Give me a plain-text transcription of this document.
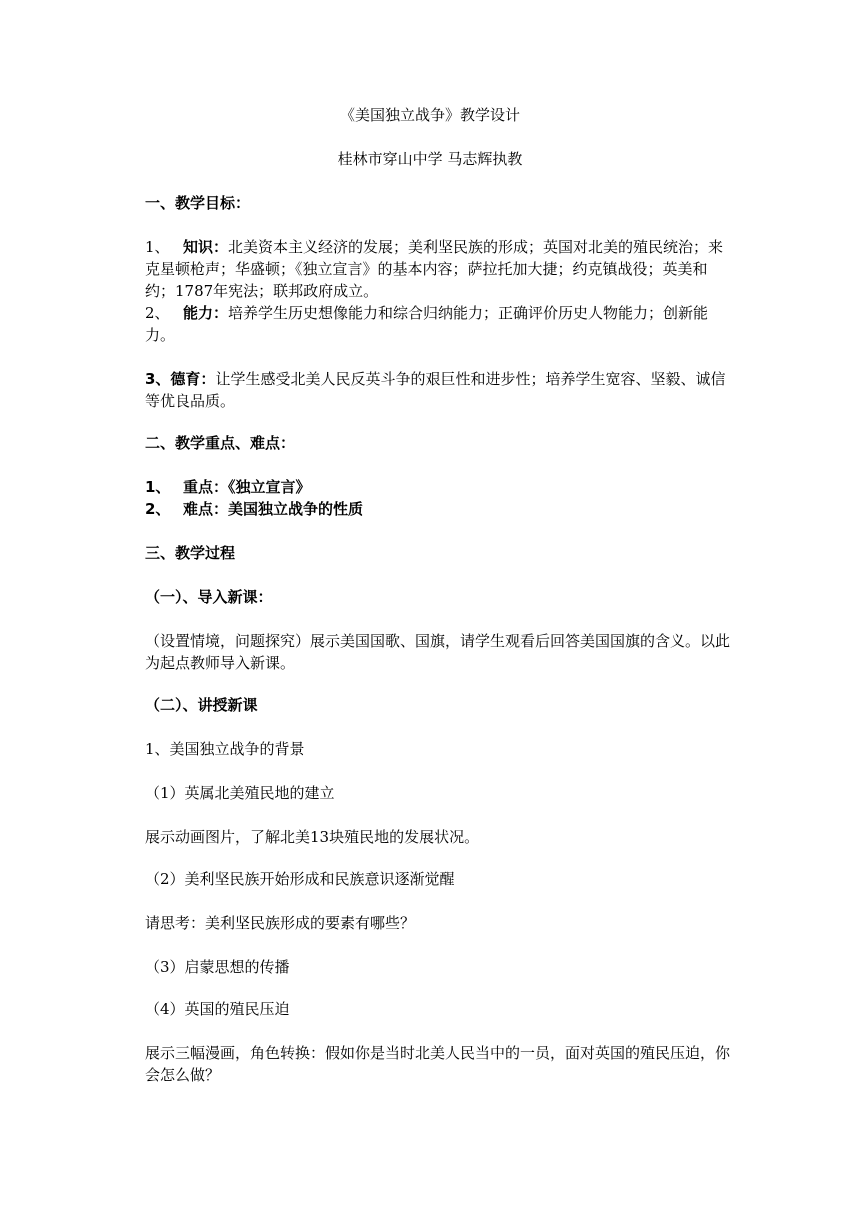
《美国独立战争》教学设计
桂林市穿山中学 马志辉执教
一、教学目标：
1、 知识：北美资本主义经济的发展；美利坚民族的形成；英国对北美的殖民统治；来克星顿枪声；华盛顿；《独立宣言》的基本内容；萨拉托加大捷；约克镇战役；英美和约；1787年宪法；联邦政府成立。
2、 能力：培养学生历史想像能力和综合归纳能力；正确评价历史人物能力；创新能力。
3、德育：让学生感受北美人民反英斗争的艰巨性和进步性；培养学生宽容、坚毅、诚信等优良品质。
二、教学重点、难点：
1、 重点：《独立宣言》
2、 难点：美国独立战争的性质
三、教学过程
（一）、导入新课：
（设置情境，问题探究）展示美国国歌、国旗，请学生观看后回答美国国旗的含义。以此为起点教师导入新课。
（二）、讲授新课
1、美国独立战争的背景
（1）英属北美殖民地的建立
展示动画图片，了解北美13块殖民地的发展状况。
（2）美利坚民族开始形成和民族意识逐渐觉醒
请思考：美利坚民族形成的要素有哪些？
（3）启蒙思想的传播
（4）英国的殖民压迫
展示三幅漫画，角色转换：假如你是当时北美人民当中的一员，面对英国的殖民压迫，你会怎么做？
